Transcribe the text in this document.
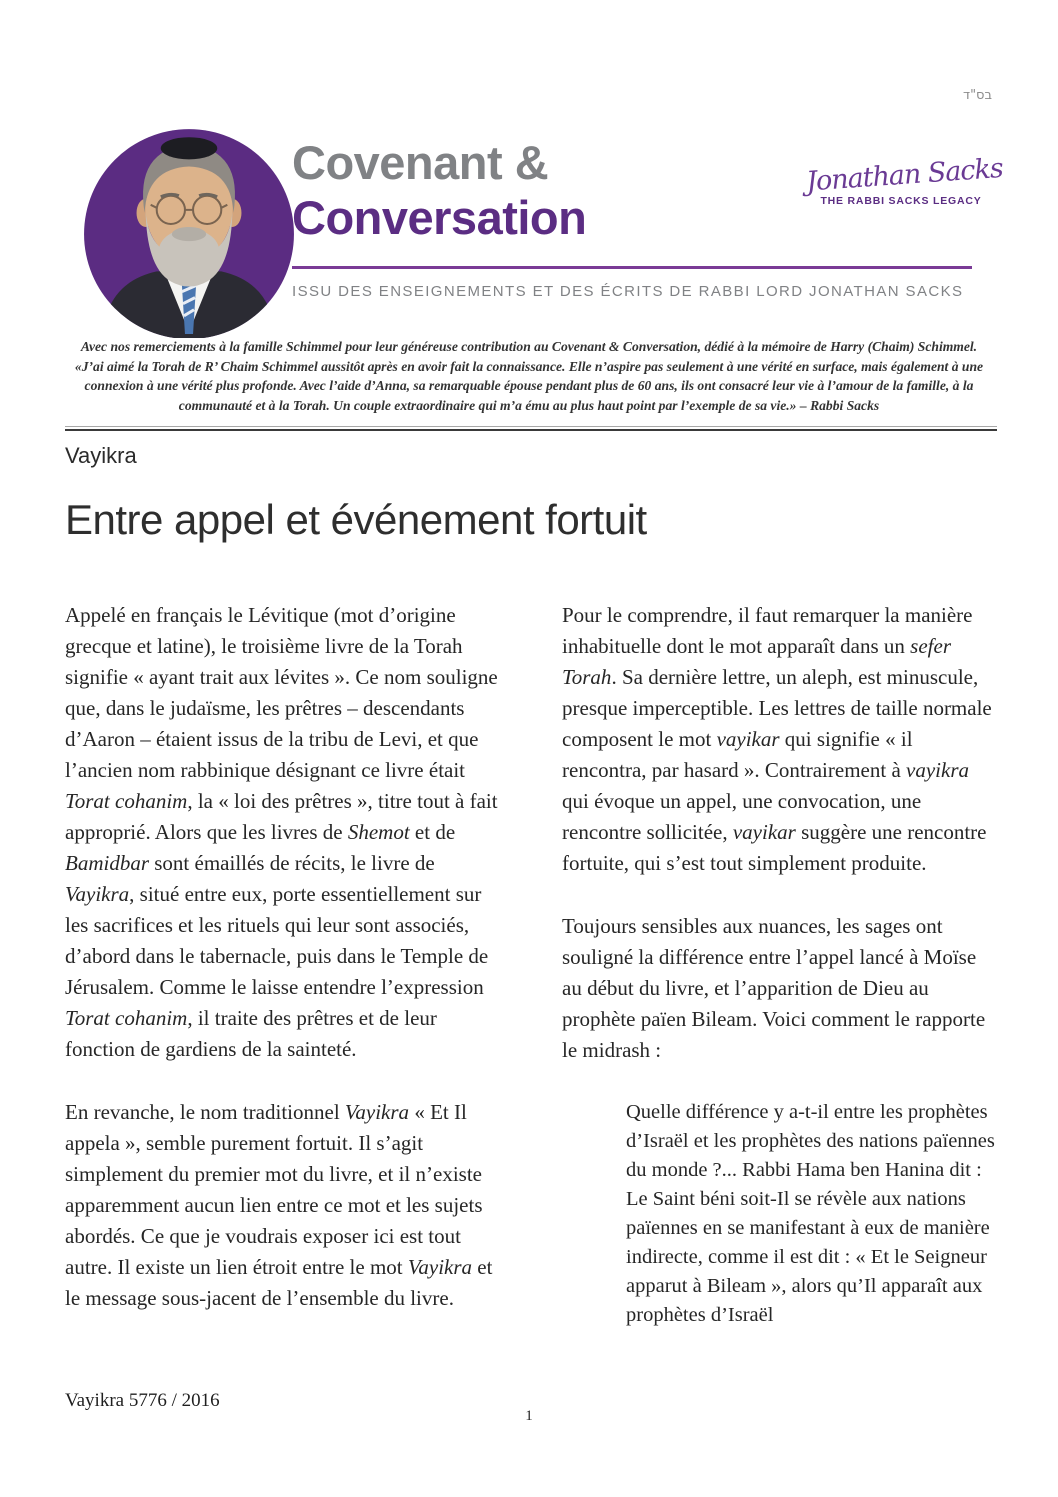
בס"ד
Covenant &
Conversation
Jonathan Sacks
THE RABBI SACKS LEGACY
ISSU DES ENSEIGNEMENTS ET DES ÉCRITS DE RABBI LORD JONATHAN SACKS
Avec nos remerciements à la famille Schimmel pour leur généreuse contribution au Covenant & Conversation, dédié à la mémoire de Harry (Chaim) Schimmel. «J’ai aimé la Torah de R’ Chaim Schimmel aussitôt après en avoir fait la connaissance. Elle n’aspire pas seulement à une vérité en surface, mais également à une connexion à une vérité plus profonde. Avec l’aide d’Anna, sa remarquable épouse pendant plus de 60 ans, ils ont consacré leur vie à l’amour de la famille, à la communauté et à la Torah. Un couple extraordinaire qui m’a ému au plus haut point par l’exemple de sa vie.» – Rabbi Sacks
Vayikra
Entre appel et événement fortuit

Appelé en français le Lévitique (mot d’origine grecque et latine), le troisième livre de la Torah signifie « ayant trait aux lévites ». Ce nom souligne que, dans le judaïsme, les prêtres – descendants d’Aaron – étaient issus de la tribu de Levi, et que l’ancien nom rabbinique désignant ce livre était Torat cohanim, la « loi des prêtres », titre tout à fait approprié. Alors que les livres de Shemot et de Bamidbar sont émaillés de récits, le livre de Vayikra, situé entre eux, porte essentiellement sur les sacrifices et les rituels qui leur sont associés, d’abord dans le tabernacle, puis dans le Temple de Jérusalem. Comme le laisse entendre l’expression Torat cohanim, il traite des prêtres et de leur fonction de gardiens de la sainteté.

En revanche, le nom traditionnel Vayikra « Et Il appela », semble purement fortuit. Il s’agit simplement du premier mot du livre, et il n’existe apparemment aucun lien entre ce mot et les sujets abordés. Ce que je voudrais exposer ici est tout autre. Il existe un lien étroit entre le mot Vayikra et le message sous-jacent de l’ensemble du livre.

Pour le comprendre, il faut remarquer la manière inhabituelle dont le mot apparaît dans un sefer Torah. Sa dernière lettre, un aleph, est minuscule, presque imperceptible. Les lettres de taille normale composent le mot vayikar qui signifie « il rencontra, par hasard ». Contrairement à vayikra qui évoque un appel, une convocation, une rencontre sollicitée, vayikar suggère une rencontre fortuite, qui s’est tout simplement produite.

Toujours sensibles aux nuances, les sages ont souligné la différence entre l’appel lancé à Moïse au début du livre, et l’apparition de Dieu au prophète païen Bileam. Voici comment le rapporte le midrash :

Quelle différence y a-t-il entre les prophètes d’Israël et les prophètes des nations païennes du monde ?... Rabbi Hama ben Hanina dit : Le Saint béni soit-Il se révèle aux nations païennes en se manifestant à eux de manière indirecte, comme il est dit : « Et le Seigneur apparut à Bileam », alors qu’Il apparaît aux prophètes d’Israël

Vayikra 5776 / 2016
1
